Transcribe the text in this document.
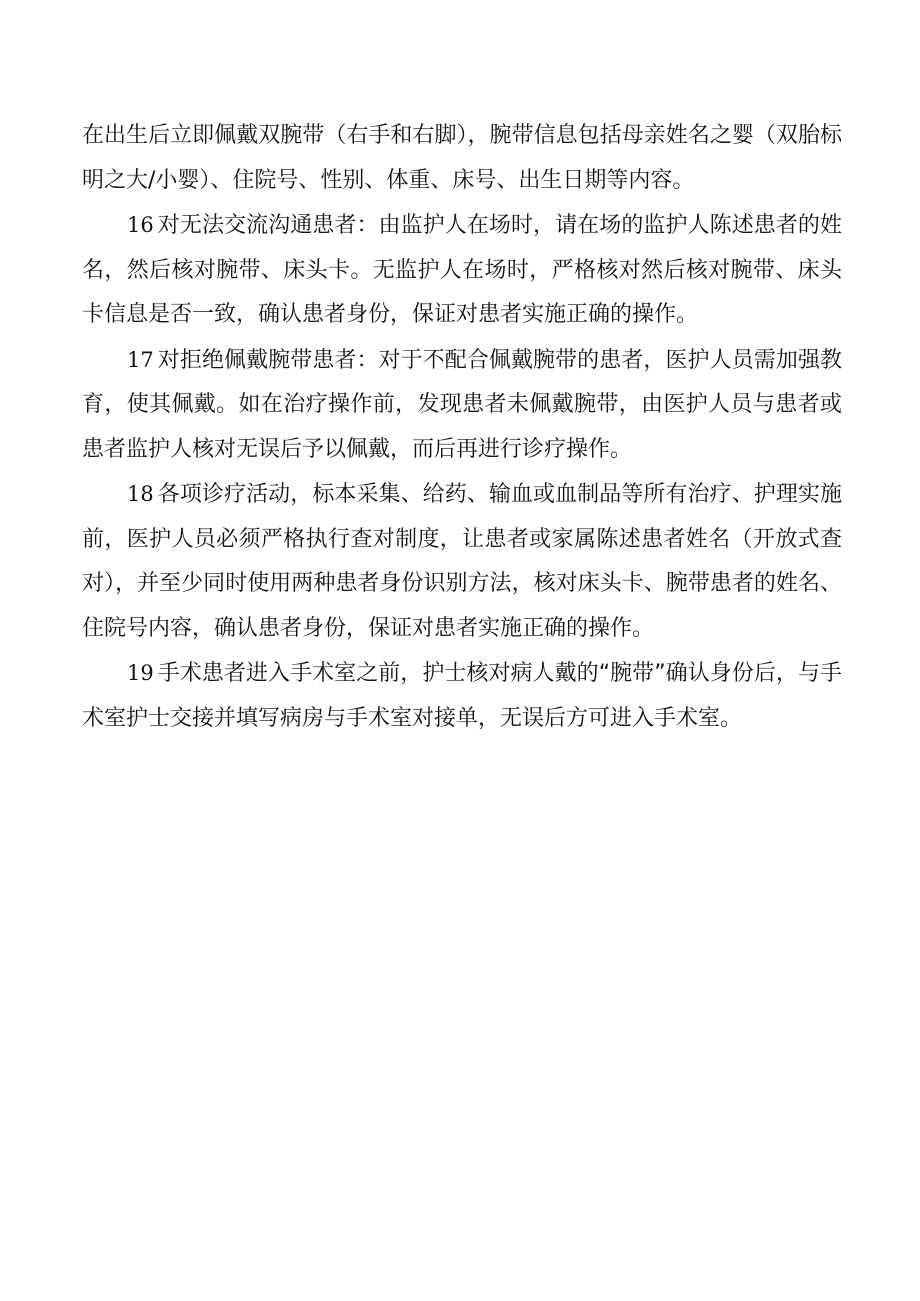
在出生后立即佩戴双腕带（右手和右脚），腕带信息包括母亲姓名之婴（双胎标明之大/小婴）、住院号、性别、体重、床号、出生日期等内容。

16 对无法交流沟通患者：由监护人在场时，请在场的监护人陈述患者的姓名，然后核对腕带、床头卡。无监护人在场时，严格核对然后核对腕带、床头卡信息是否一致，确认患者身份，保证对患者实施正确的操作。

17 对拒绝佩戴腕带患者：对于不配合佩戴腕带的患者，医护人员需加强教育，使其佩戴。如在治疗操作前，发现患者未佩戴腕带，由医护人员与患者或患者监护人核对无误后予以佩戴，而后再进行诊疗操作。

18 各项诊疗活动，标本采集、给药、输血或血制品等所有治疗、护理实施前，医护人员必须严格执行查对制度，让患者或家属陈述患者姓名（开放式查对），并至少同时使用两种患者身份识别方法，核对床头卡、腕带患者的姓名、住院号内容，确认患者身份，保证对患者实施正确的操作。

19 手术患者进入手术室之前，护士核对病人戴的“腕带”确认身份后，与手术室护士交接并填写病房与手术室对接单，无误后方可进入手术室。
